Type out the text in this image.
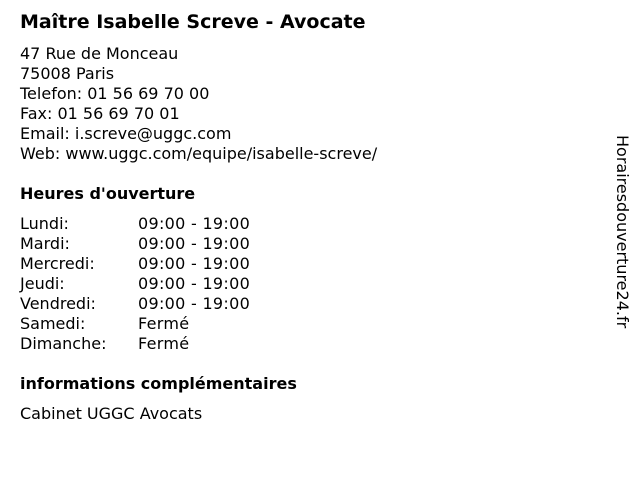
Maître Isabelle Screve - Avocate
47 Rue de Monceau
75008 Paris
Telefon: 01 56 69 70 00
Fax: 01 56 69 70 01
Email: i.screve@uggc.com
Web: www.uggc.com/equipe/isabelle-screve/
Heures d'ouverture
Lundi:	09:00 - 19:00
Mardi:	09:00 - 19:00
Mercredi:	09:00 - 19:00
Jeudi:	09:00 - 19:00
Vendredi:	09:00 - 19:00
Samedi:	Fermé
Dimanche:	Fermé
informations complémentaires
Cabinet UGGC Avocats
Horairesdouverture24.fr
